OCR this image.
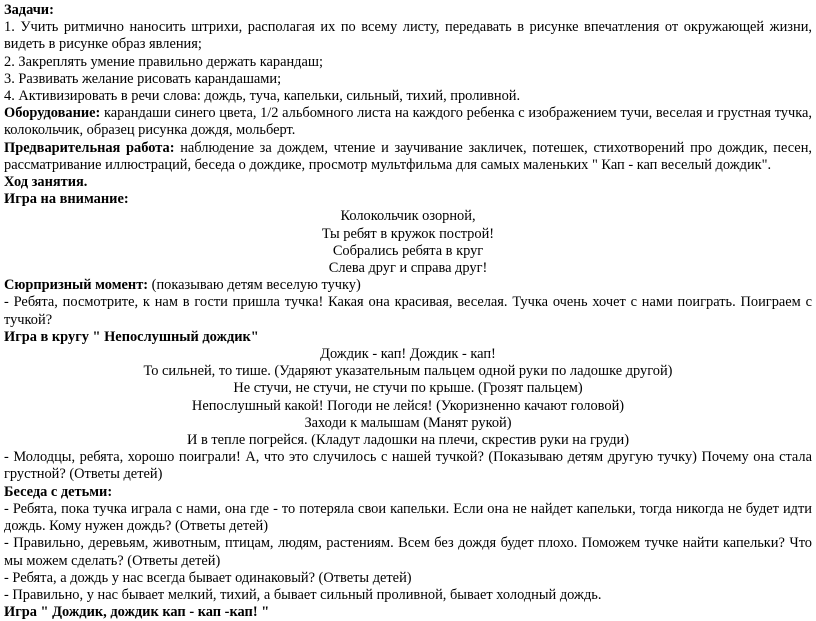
Задачи:

1. Учить ритмично наносить штрихи, располагая их по всему листу, передавать в рисунке впечатления от окружающей жизни, видеть в рисунке образ явления;

2. Закреплять умение правильно держать карандаш;

3. Развивать желание рисовать карандашами;

4. Активизировать в речи слова: дождь, туча, капельки, сильный, тихий, проливной.

Оборудование: карандаши синего цвета, 1/2 альбомного листа на каждого ребенка с изображением тучи, веселая и грустная тучка, колокольчик, образец рисунка дождя, мольберт.

Предварительная работа: наблюдение за дождем, чтение и заучивание закличек, потешек, стихотворений про дождик, песен, рассматривание иллюстраций, беседа о дождике, просмотр мультфильма для самых маленьких " Кап - кап веселый дождик".

Ход занятия.

Игра на внимание:

Колокольчик озорной,

Ты ребят в кружок построй!

Собрались ребята в круг

Слева друг и справа друг!

Сюрпризный момент: (показываю детям веселую тучку)

- Ребята, посмотрите, к нам в гости пришла тучка! Какая она красивая, веселая. Тучка очень хочет с нами поиграть. Поиграем с тучкой?

Игра в кругу " Непослушный дождик"

Дождик - кап! Дождик - кап!

То сильней, то тише. (Ударяют указательным пальцем одной руки по ладошке другой)

Не стучи, не стучи, не стучи по крыше. (Грозят пальцем)

Непослушный какой! Погоди не лейся! (Укоризненно качают головой)

Заходи к малышам (Манят рукой)

И в тепле погрейся. (Кладут ладошки на плечи, скрестив руки на груди)

- Молодцы, ребята, хорошо поиграли! А, что это случилось с нашей тучкой? (Показываю детям другую тучку) Почему она стала грустной? (Ответы детей)

Беседа с детьми:

- Ребята, пока тучка играла с нами, она где - то потеряла свои капельки. Если она не найдет капельки, тогда никогда не будет идти дождь. Кому нужен дождь? (Ответы детей)

- Правильно, деревьям, животным, птицам, людям, растениям. Всем без дождя будет плохо. Поможем тучке найти капельки? Что мы можем сделать? (Ответы детей)

- Ребята, а дождь у нас всегда бывает одинаковый? (Ответы детей)

- Правильно, у нас бывает мелкий, тихий, а бывает сильный проливной, бывает холодный дождь.

Игра " Дождик, дождик кап - кап -кап! "
